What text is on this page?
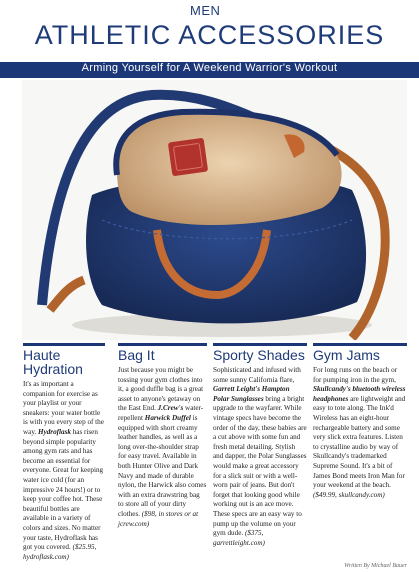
MEN
ATHLETIC ACCESSORIES
Arming Yourself for A Weekend Warrior's Workout
Haute Hydration

It's as important a companion for exercise as your playlist or your sneakers: your water bottle is with you every step of the way. Hydroflask has risen beyond simple popularity among gym rats and has become an essential for everyone. Great for keeping water ice cold (for an impressive 24 hours!) or to keep your coffee hot. These beautiful bottles are available in a variety of colors and sizes. No matter your taste, Hydroflask has got you covered. ($25.95, hydroflask.com)

Bag It

Just because you might be tossing your gym clothes into it, a good duffle bag is a great asset to anyone's getaway on the East End. J.Crew's water-repellent Harwick Duffel is equipped with short creamy leather handles, as well as a long over-the-shoulder strap for easy travel. Available in both Hunter Olive and Dark Navy and made of durable nylon, the Harwick also comes with an extra drawstring bag to store all of your dirty clothes. ($98, in stores or at jcrew.com)

Sporty Shades

Sophisticated and infused with some sunny California flare, Garrett Leight's Hampton Polar Sunglasses bring a bright upgrade to the wayfarer. While vintage specs have become the order of the day, these babies are a cut above with some fun and fresh metal detailing. Stylish and dapper, the Polar Sunglasses would make a great accessory for a slick suit or with a well-worn pair of jeans. But don't forget that looking good while working out is an ace move. These specs are an easy way to pump up the volume on your gym dude. ($375, garrettleight.com)

Gym Jams

For long runs on the beach or for pumping iron in the gym, Skullcandy's bluetooth wireless headphones are lightweight and easy to tote along. The Ink'd Wireless has an eight-hour rechargeable battery and some very slick extra features. Listen to crystalline audio by way of Skullcandy's trademarked Supreme Sound. It's a bit of James Bond meets Iron Man for your weekend at the beach. ($49.99, skullcandy.com)

Written By Michael Bauer
